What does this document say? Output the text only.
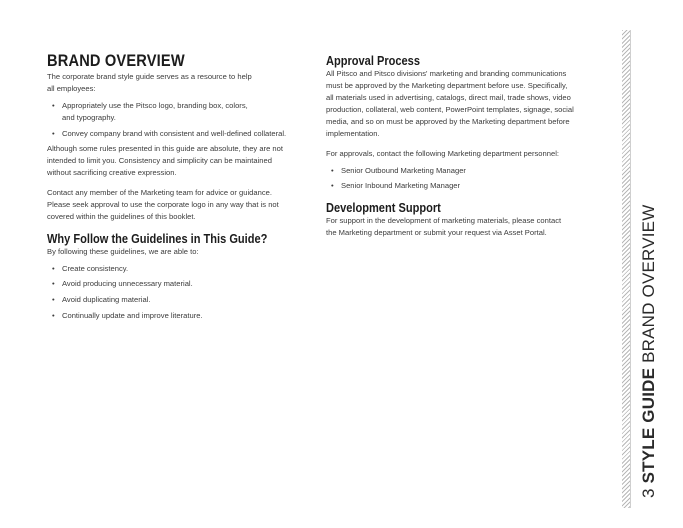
BRAND OVERVIEW
The corporate brand style guide serves as a resource to help
all employees:
• Appropriately use the Pitsco logo, branding box, colors,
and typography.
• Convey company brand with consistent and well-defined collateral.
Although some rules presented in this guide are absolute, they are not
intended to limit you. Consistency and simplicity can be maintained
without sacrificing creative expression.
Contact any member of the Marketing team for advice or guidance.
Please seek approval to use the corporate logo in any way that is not
covered within the guidelines of this booklet.
Why Follow the Guidelines in This Guide?
By following these guidelines, we are able to:
• Create consistency.
• Avoid producing unnecessary material.
• Avoid duplicating material.
• Continually update and improve literature.
Approval Process
All Pitsco and Pitsco divisions' marketing and branding communications
must be approved by the Marketing department before use. Specifically,
all materials used in advertising, catalogs, direct mail, trade shows, video
production, collateral, web content, PowerPoint templates, signage, social
media, and so on must be approved by the Marketing department before
implementation.
For approvals, contact the following Marketing department personnel:
• Senior Outbound Marketing Manager
• Senior Inbound Marketing Manager
Development Support
For support in the development of marketing materials, please contact
the Marketing department or submit your request via Asset Portal.
3 STYLE GUIDE BRAND OVERVIEW
